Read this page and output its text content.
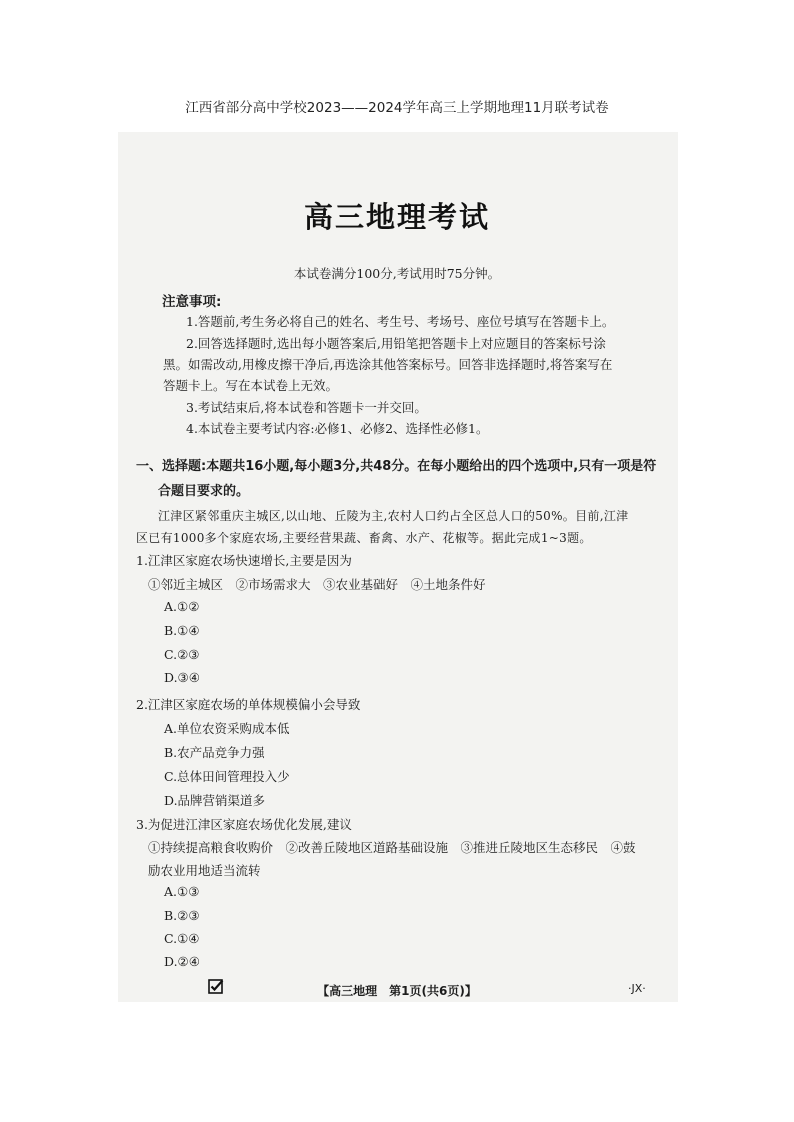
江西省部分高中学校2023——2024学年高三上学期地理11月联考试卷
高三地理考试
本试卷满分100分,考试用时75分钟。
注意事项:
1.答题前,考生务必将自己的姓名、考生号、考场号、座位号填写在答题卡上。
2.回答选择题时,选出每小题答案后,用铅笔把答题卡上对应题目的答案标号涂
黑。如需改动,用橡皮擦干净后,再选涂其他答案标号。回答非选择题时,将答案写在
答题卡上。写在本试卷上无效。
3.考试结束后,将本试卷和答题卡一并交回。
4.本试卷主要考试内容:必修1、必修2、选择性必修1。
一、选择题:本题共16小题,每小题3分,共48分。在每小题给出的四个选项中,只有一项是符
合题目要求的。
江津区紧邻重庆主城区,以山地、丘陵为主,农村人口约占全区总人口的50%。目前,江津
区已有1000多个家庭农场,主要经营果蔬、畜禽、水产、花椒等。据此完成1~3题。
1.江津区家庭农场快速增长,主要是因为
①邻近主城区　②市场需求大　③农业基础好　④土地条件好
A.①②
B.①④
C.②③
D.③④
2.江津区家庭农场的单体规模偏小会导致
A.单位农资采购成本低
B.农产品竞争力强
C.总体田间管理投入少
D.品牌营销渠道多
3.为促进江津区家庭农场优化发展,建议
①持续提高粮食收购价　②改善丘陵地区道路基础设施　③推进丘陵地区生态移民　④鼓
励农业用地适当流转
A.①③
B.②③
C.①④
D.②④
【高三地理　第1页(共6页)】	·JX·
